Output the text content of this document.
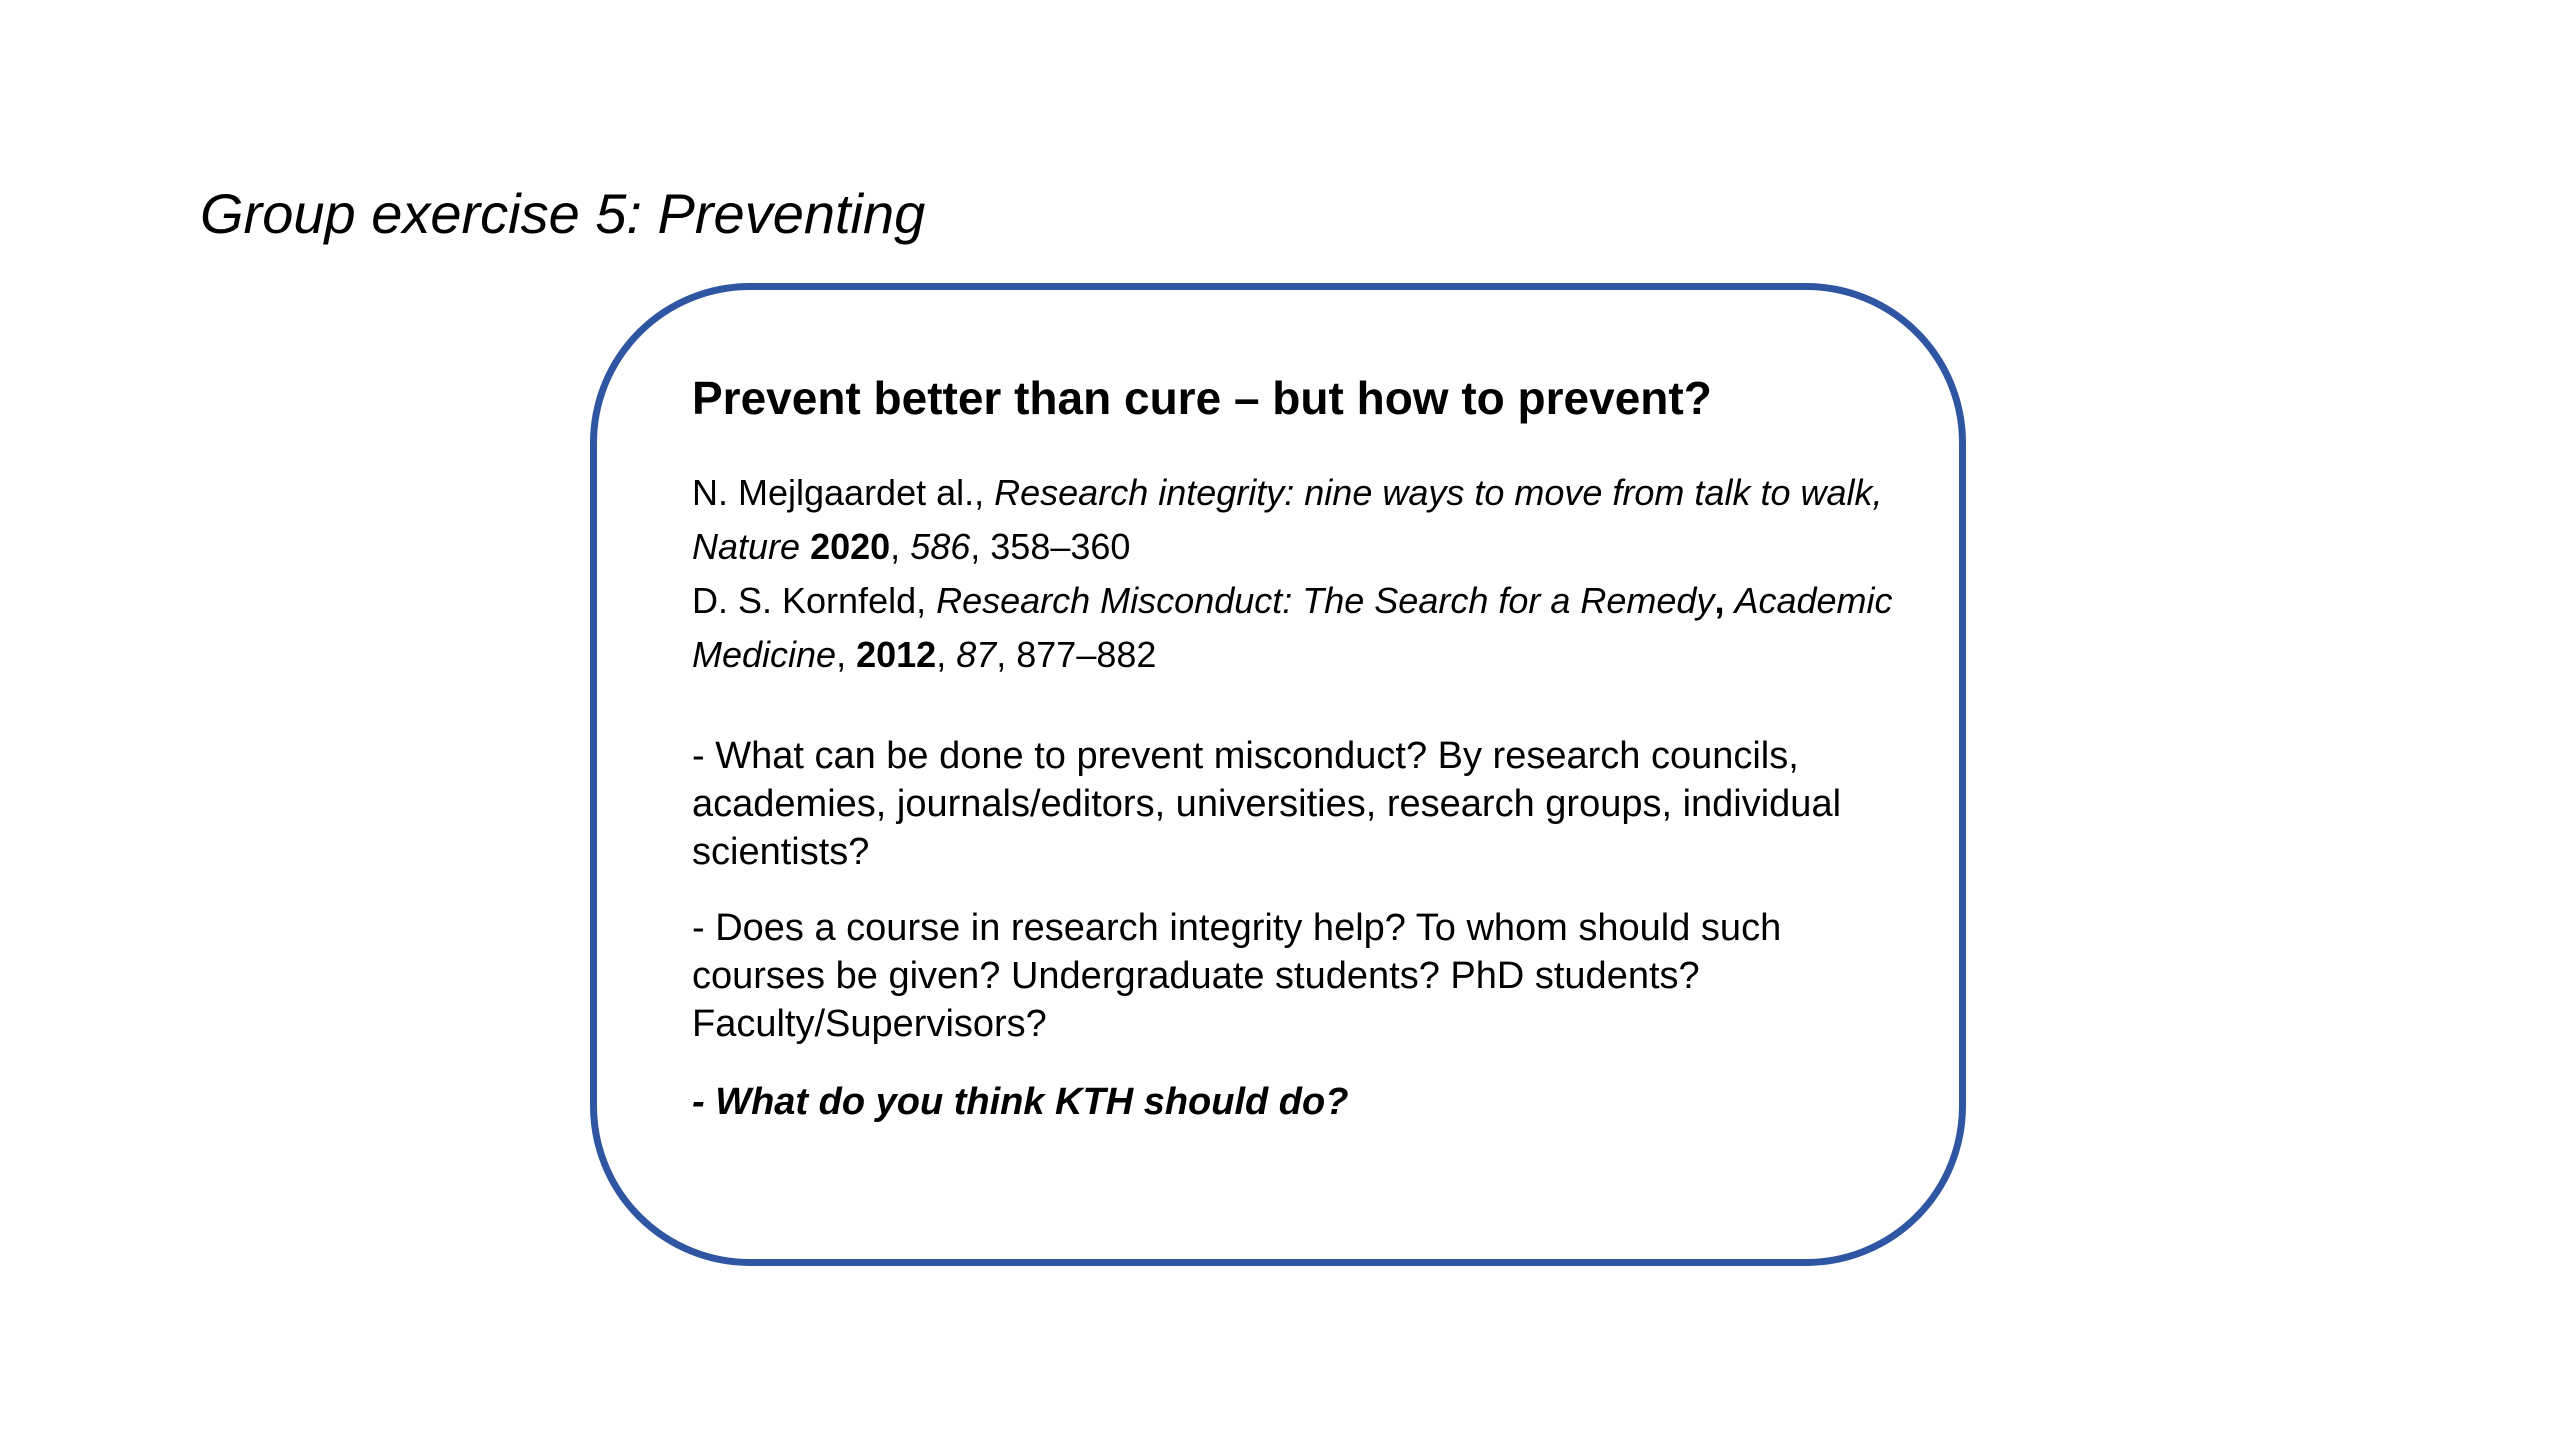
Group exercise 5: Preventing
Prevent better than cure – but how to prevent?
N. Mejlgaardet al., Research integrity: nine ways to move from talk to walk,
Nature 2020, 586, 358–360
D. S. Kornfeld, Research Misconduct: The Search for a Remedy, Academic
Medicine, 2012, 87, 877–882

- What can be done to prevent misconduct? By research councils, academies, journals/editors, universities, research groups, individual scientists?

- Does a course in research integrity help? To whom should such courses be given? Undergraduate students? PhD students? Faculty/Supervisors?

- What do you think KTH should do?
